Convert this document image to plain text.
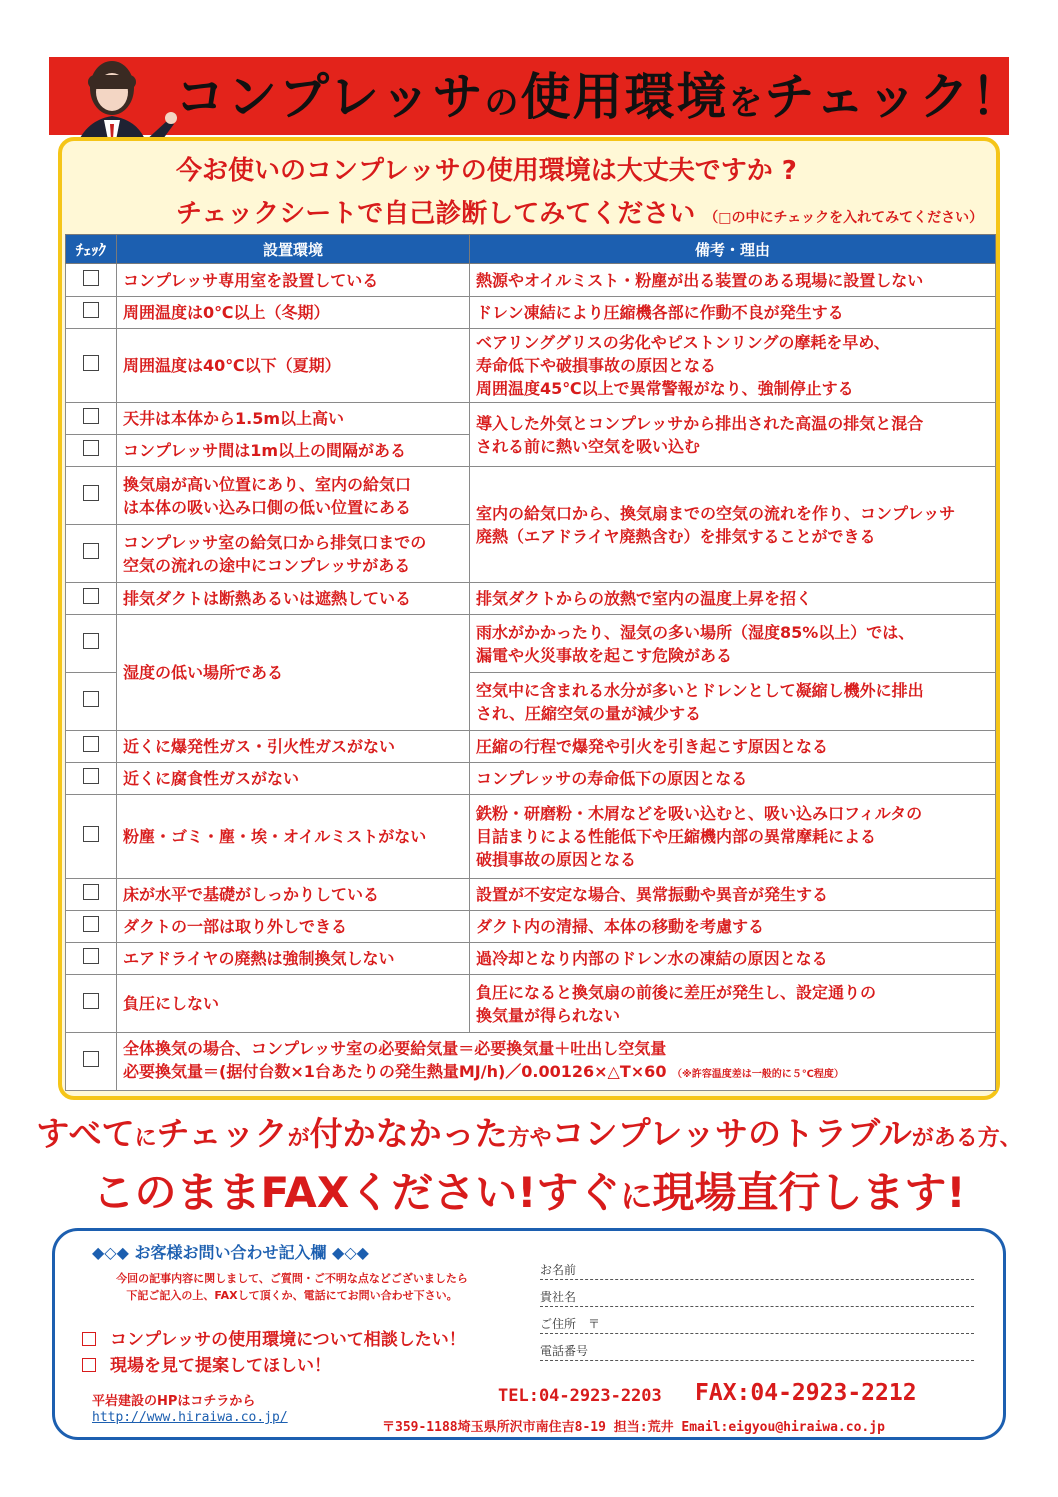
コンプレッサの使用環境をチェック！
今お使いのコンプレッサの使用環境は大丈夫ですか ?
チェックシートで自己診断してみてください （□の中にチェックを入れてみてください）
ﾁｪｯｸ	設置環境	備考・理由
	コンプレッサ専用室を設置している	熱源やオイルミスト・粉塵が出る装置のある現場に設置しない
	周囲温度は0℃以上（冬期）	ドレン凍結により圧縮機各部に作動不良が発生する
	周囲温度は40℃以下（夏期）	ベアリンググリスの劣化やピストンリングの摩耗を早め、
寿命低下や破損事故の原因となる
周囲温度45℃以上で異常警報がなり、強制停止する
	天井は本体から1.5m以上高い	導入した外気とコンプレッサから排出された高温の排気と混合
される前に熱い空気を吸い込む
	コンプレッサ間は1m以上の間隔がある	
	換気扇が高い位置にあり、室内の給気口
は本体の吸い込み口側の低い位置にある	室内の給気口から、換気扇までの空気の流れを作り、コンプレッサ
廃熱（エアドライヤ廃熱含む）を排気することができる
	コンプレッサ室の給気口から排気口までの
空気の流れの途中にコンプレッサがある	
	排気ダクトは断熱あるいは遮熱している	排気ダクトからの放熱で室内の温度上昇を招く
	湿度の低い場所である	雨水がかかったり、湿気の多い場所（湿度85%以上）では、
漏電や火災事故を起こす危険がある
		空気中に含まれる水分が多いとドレンとして凝縮し機外に排出
され、圧縮空気の量が減少する
	近くに爆発性ガス・引火性ガスがない	圧縮の行程で爆発や引火を引き起こす原因となる
	近くに腐食性ガスがない	コンプレッサの寿命低下の原因となる
	粉塵・ゴミ・塵・埃・オイルミストがない	鉄粉・研磨粉・木屑などを吸い込むと、吸い込み口フィルタの
目詰まりによる性能低下や圧縮機内部の異常摩耗による
破損事故の原因となる
	床が水平で基礎がしっかりしている	設置が不安定な場合、異常振動や異音が発生する
	ダクトの一部は取り外しできる	ダクト内の清掃、本体の移動を考慮する
	エアドライヤの廃熱は強制換気しない	過冷却となり内部のドレン水の凍結の原因となる
	負圧にしない	負圧になると換気扇の前後に差圧が発生し、設定通りの
換気量が得られない

	全体換気の場合、コンプレッサ室の必要給気量＝必要換気量＋吐出し空気量
必要換気量＝(据付台数×1台あたりの発生熱量MJ/h)／0.00126×△T×60 （※許容温度差は一般的に５℃程度）	
すべてにチェックが付かなかった方やコンプレッサのトラブルがある方、
このままFAXください!すぐに現場直行します!
◆◇◆ お客様お問い合わせ記入欄 ◆◇◆
今回の記事内容に関しまして、ご質問・ご不明な点などございましたら
下記ご記入の上、FAXして頂くか、電話にてお問い合わせ下さい。
コンプレッサの使用環境について相談したい！
現場を見て提案してほしい！
お名前
貴社名
ご住所　〒
電話番号
平岩建設のHPはコチラから
http://www.hiraiwa.co.jp/
TEL:04-2923-2203 FAX:04-2923-2212
〒359-1188埼玉県所沢市南住吉8-19 担当:荒井 Email:eigyou@hiraiwa.co.jp
